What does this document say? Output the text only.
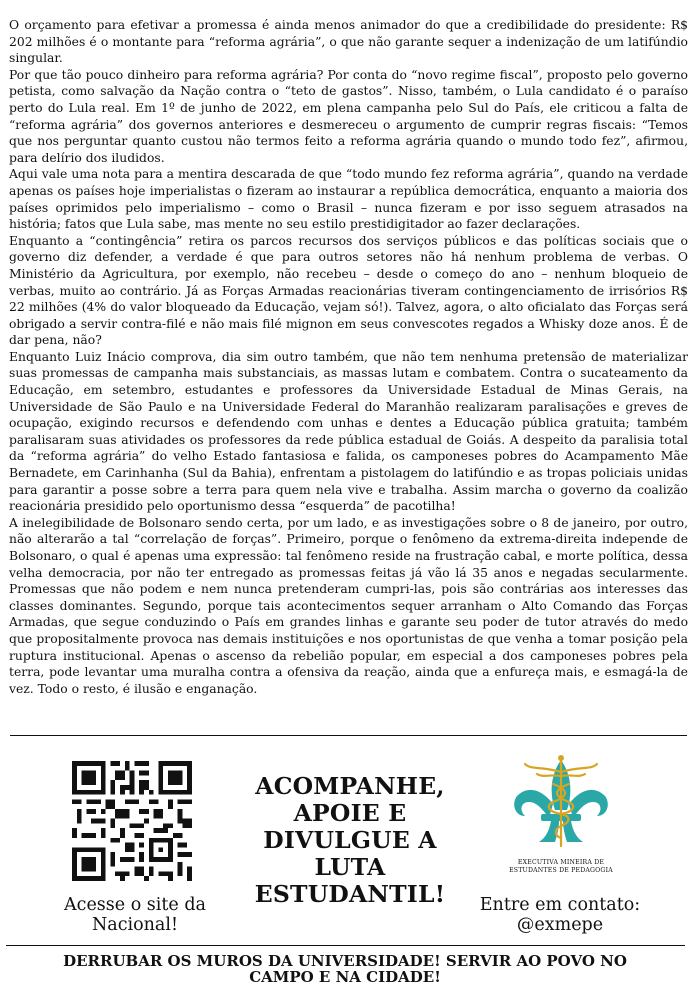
O orçamento para efetivar a promessa é ainda menos animador do que a credibilidade do presidente: R$ 202 milhões é o montante para “reforma agrária”, o que não garante sequer a indenização de um latifúndio singular.

Por que tão pouco dinheiro para reforma agrária? Por conta do “novo regime fiscal”, proposto pelo governo petista, como salvação da Nação contra o “teto de gastos”. Nisso, também, o Lula candidato é o paraíso perto do Lula real. Em 1º de junho de 2022, em plena campanha pelo Sul do País, ele criticou a falta de “reforma agrária” dos governos anteriores e desmereceu o argumento de cumprir regras fiscais: “Temos que nos perguntar quanto custou não termos feito a reforma agrária quando o mundo todo fez”, afirmou, para delírio dos iludidos.

Aqui vale uma nota para a mentira descarada de que “todo mundo fez reforma agrária”, quando na verdade apenas os países hoje imperialistas o fizeram ao instaurar a república democrática, enquanto a maioria dos países oprimidos pelo imperialismo – como o Brasil – nunca fizeram e por isso seguem atrasados na história; fatos que Lula sabe, mas mente no seu estilo prestidigitador ao fazer declarações.

Enquanto a “contingência” retira os parcos recursos dos serviços públicos e das políticas sociais que o governo diz defender, a verdade é que para outros setores não há nenhum problema de verbas. O Ministério da Agricultura, por exemplo, não recebeu – desde o começo do ano – nenhum bloqueio de verbas, muito ao contrário. Já as Forças Armadas reacionárias tiveram contingenciamento de irrisórios R$ 22 milhões (4% do valor bloqueado da Educação, vejam só!). Talvez, agora, o alto oficialato das Forças será obrigado a servir contra-filé e não mais filé mignon em seus convescotes regados a Whisky doze anos. É de dar pena, não?

Enquanto Luiz Inácio comprova, dia sim outro também, que não tem nenhuma pretensão de materializar suas promessas de campanha mais substanciais, as massas lutam e combatem. Contra o sucateamento da Educação, em setembro, estudantes e professores da Universidade Estadual de Minas Gerais, na Universidade de São Paulo e na Universidade Federal do Maranhão realizaram paralisações e greves de ocupação, exigindo recursos e defendendo com unhas e dentes a Educação pública gratuita; também paralisaram suas atividades os professores da rede pública estadual de Goiás. A despeito da paralisia total da “reforma agrária” do velho Estado fantasiosa e falida, os camponeses pobres do Acampamento Mãe Bernadete, em Carinhanha (Sul da Bahia), enfrentam a pistolagem do latifúndio e as tropas policiais unidas para garantir a posse sobre a terra para quem nela vive e trabalha. Assim marcha o governo da coalizão reacionária presidido pelo oportunismo dessa “esquerda” de pacotilha!

A inelegibilidade de Bolsonaro sendo certa, por um lado, e as investigações sobre o 8 de janeiro, por outro, não alterarão a tal “correlação de forças”. Primeiro, porque o fenômeno da extrema-direita independe de Bolsonaro, o qual é apenas uma expressão: tal fenômeno reside na frustração cabal, e morte política, dessa velha democracia, por não ter entregado as promessas feitas já vão lá 35 anos e negadas secularmente. Promessas que não podem e nem nunca pretenderam cumpri-las, pois são contrárias aos interesses das classes dominantes. Segundo, porque tais acontecimentos sequer arranham o Alto Comando das Forças Armadas, que segue conduzindo o País em grandes linhas e garante seu poder de tutor através do medo que propositalmente provoca nas demais instituições e nos oportunistas de que venha a tomar posição pela ruptura institucional. Apenas o ascenso da rebelião popular, em especial a dos camponeses pobres pela terra, pode levantar uma muralha contra a ofensiva da reação, ainda que a enfureça mais, e esmagá-la de vez. Todo o resto, é ilusão e enganação.

Acesse o site da
Nacional!
ACOMPANHE,
APOIE E
DIVULGUE A
LUTA
ESTUDANTIL!
EXECUTIVA MINEIRA DE
ESTUDANTES DE PEDAGOGIA
Entre em contato:
@exmepe
DERRUBAR OS MUROS DA UNIVERSIDADE! SERVIR AO POVO NO
CAMPO E NA CIDADE!
